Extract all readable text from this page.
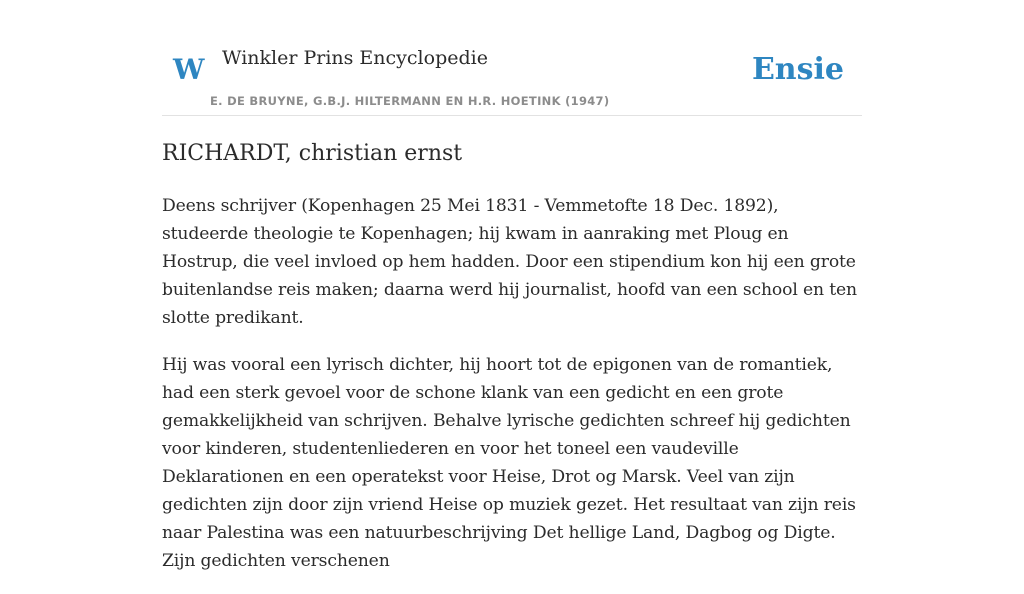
W Winkler Prins Encyclopedie
E. DE BRUYNE, G.B.J. HILTERMANN EN H.R. HOETINK (1947)
Ensie
RICHARDT, christian ernst

Deens schrijver (Kopenhagen 25 Mei 1831 - Vemmetofte 18 Dec. 1892), studeerde theologie te Kopenhagen; hij kwam in aanraking met Ploug en Hostrup, die veel invloed op hem hadden. Door een stipendium kon hij een grote buitenlandse reis maken; daarna werd hij journalist, hoofd van een school en ten slotte predikant.

Hij was vooral een lyrisch dichter, hij hoort tot de epigonen van de romantiek, had een sterk gevoel voor de schone klank van een gedicht en een grote gemakkelijkheid van schrijven. Behalve lyrische gedichten schreef hij gedichten voor kinderen, studentenliederen en voor het toneel een vaudeville Deklarationen en een operatekst voor Heise, Drot og Marsk. Veel van zijn gedichten zijn door zijn vriend Heise op muziek gezet. Het resultaat van zijn reis naar Palestina was een natuurbeschrijving Det hellige Land, Dagbog og Digte. Zijn gedichten verschenen
